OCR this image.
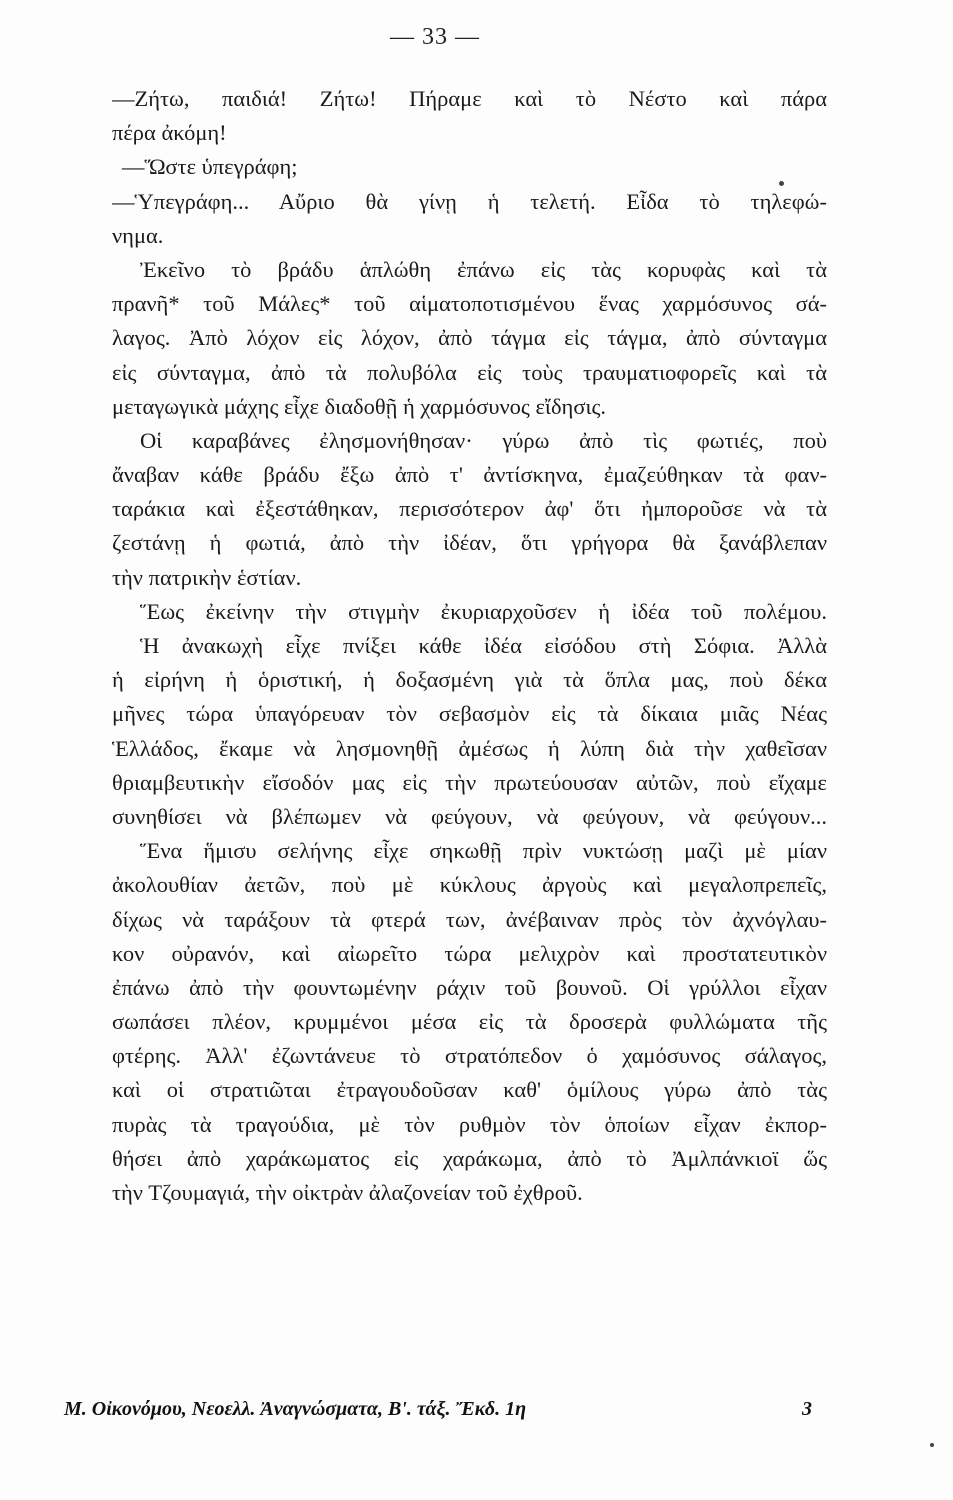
— 33 —
—Ζήτω, παιδιά! Ζήτω! Πήραμε καὶ τὸ Νέστο καὶ πάρα
πέρα ἀκόμη!
—Ὥστε ὑπεγράφη;
—Ὑπεγράφη... Αὔριο θὰ γίνῃ ἡ τελετή. Εἶδα τὸ τηλεφώ-
νημα.
Ἐκεῖνο τὸ βράδυ ἁπλώθη ἐπάνω εἰς τὰς κορυφὰς καὶ τὰ
πρανῆ* τοῦ Μάλες* τοῦ αἱματοποτισμένου ἕνας χαρμόσυνος σά-
λαγος. Ἀπὸ λόχον εἰς λόχον, ἀπὸ τάγμα εἰς τάγμα, ἀπὸ σύνταγμα
εἰς σύνταγμα, ἀπὸ τὰ πολυβόλα εἰς τοὺς τραυματιοφορεῖς καὶ τὰ
μεταγωγικὰ μάχης εἶχε διαδοθῇ ἡ χαρμόσυνος εἴδησις.
Οἱ καραβάνες ἐλησμονήθησαν· γύρω ἀπὸ τὶς φωτιές, ποὺ
ἄναβαν κάθε βράδυ ἔξω ἀπὸ τ' ἀντίσκηνα, ἐμαζεύθηκαν τὰ φαν-
ταράκια καὶ ἐξεστάθηκαν, περισσότερον ἀφ' ὅτι ἠμποροῦσε νὰ τὰ
ζεστάνῃ ἡ φωτιά, ἀπὸ τὴν ἰδέαν, ὅτι γρήγορα θὰ ξανάβλεπαν
τὴν πατρικὴν ἑστίαν.
Ἕως ἐκείνην τὴν στιγμὴν ἐκυριαρχοῦσεν ἡ ἰδέα τοῦ πολέμου.
Ἡ ἀνακωχὴ εἶχε πνίξει κάθε ἰδέα εἰσόδου στὴ Σόφια. Ἀλλὰ
ἡ εἰρήνη ἡ ὁριστική, ἡ δοξασμένη γιὰ τὰ ὅπλα μας, ποὺ δέκα
μῆνες τώρα ὑπαγόρευαν τὸν σεβασμὸν εἰς τὰ δίκαια μιᾶς Νέας
Ἑλλάδος, ἔκαμε νὰ λησμονηθῇ ἀμέσως ἡ λύπη διὰ τὴν χαθεῖσαν
θριαμβευτικὴν εἴσοδόν μας εἰς τὴν πρωτεύουσαν αὐτῶν, ποὺ εἴχαμε
συνηθίσει νὰ βλέπωμεν νὰ φεύγουν, νὰ φεύγουν, νὰ φεύγουν...
Ἕνα ἥμισυ σελήνης εἶχε σηκωθῇ πρὶν νυκτώσῃ μαζὶ μὲ μίαν
ἀκολουθίαν ἀετῶν, ποὺ μὲ κύκλους ἀργοὺς καὶ μεγαλοπρεπεῖς,
δίχως νὰ ταράξουν τὰ φτερά των, ἀνέβαιναν πρὸς τὸν ἀχνόγλαυ-
κον οὐρανόν, καὶ αἰωρεῖτο τώρα μελιχρὸν καὶ προστατευτικὸν
ἐπάνω ἀπὸ τὴν φουντωμένην ράχιν τοῦ βουνοῦ. Οἱ γρύλλοι εἶχαν
σωπάσει πλέον, κρυμμένοι μέσα εἰς τὰ δροσερὰ φυλλώματα τῆς
φτέρης. Ἀλλ' ἐζωντάνευε τὸ στρατόπεδον ὁ χαμόσυνος σάλαγος,
καὶ οἱ στρατιῶται ἐτραγουδοῦσαν καθ' ὁμίλους γύρω ἀπὸ τὰς
πυρὰς τὰ τραγούδια, μὲ τὸν ρυθμὸν τὸν ὁποίων εἶχαν ἐκπορ-
θήσει ἀπὸ χαράκωματος εἰς χαράκωμα, ἀπὸ τὸ Ἀμλπάνκιοϊ ὥς
τὴν Τζουμαγιά, τὴν οἰκτρὰν ἀλαζονείαν τοῦ ἐχθροῦ.
Μ. Οἰκονόμου, Νεοελλ. Ἀναγνώσματα, Β'. τάξ. Ἔκδ. 1η	3
